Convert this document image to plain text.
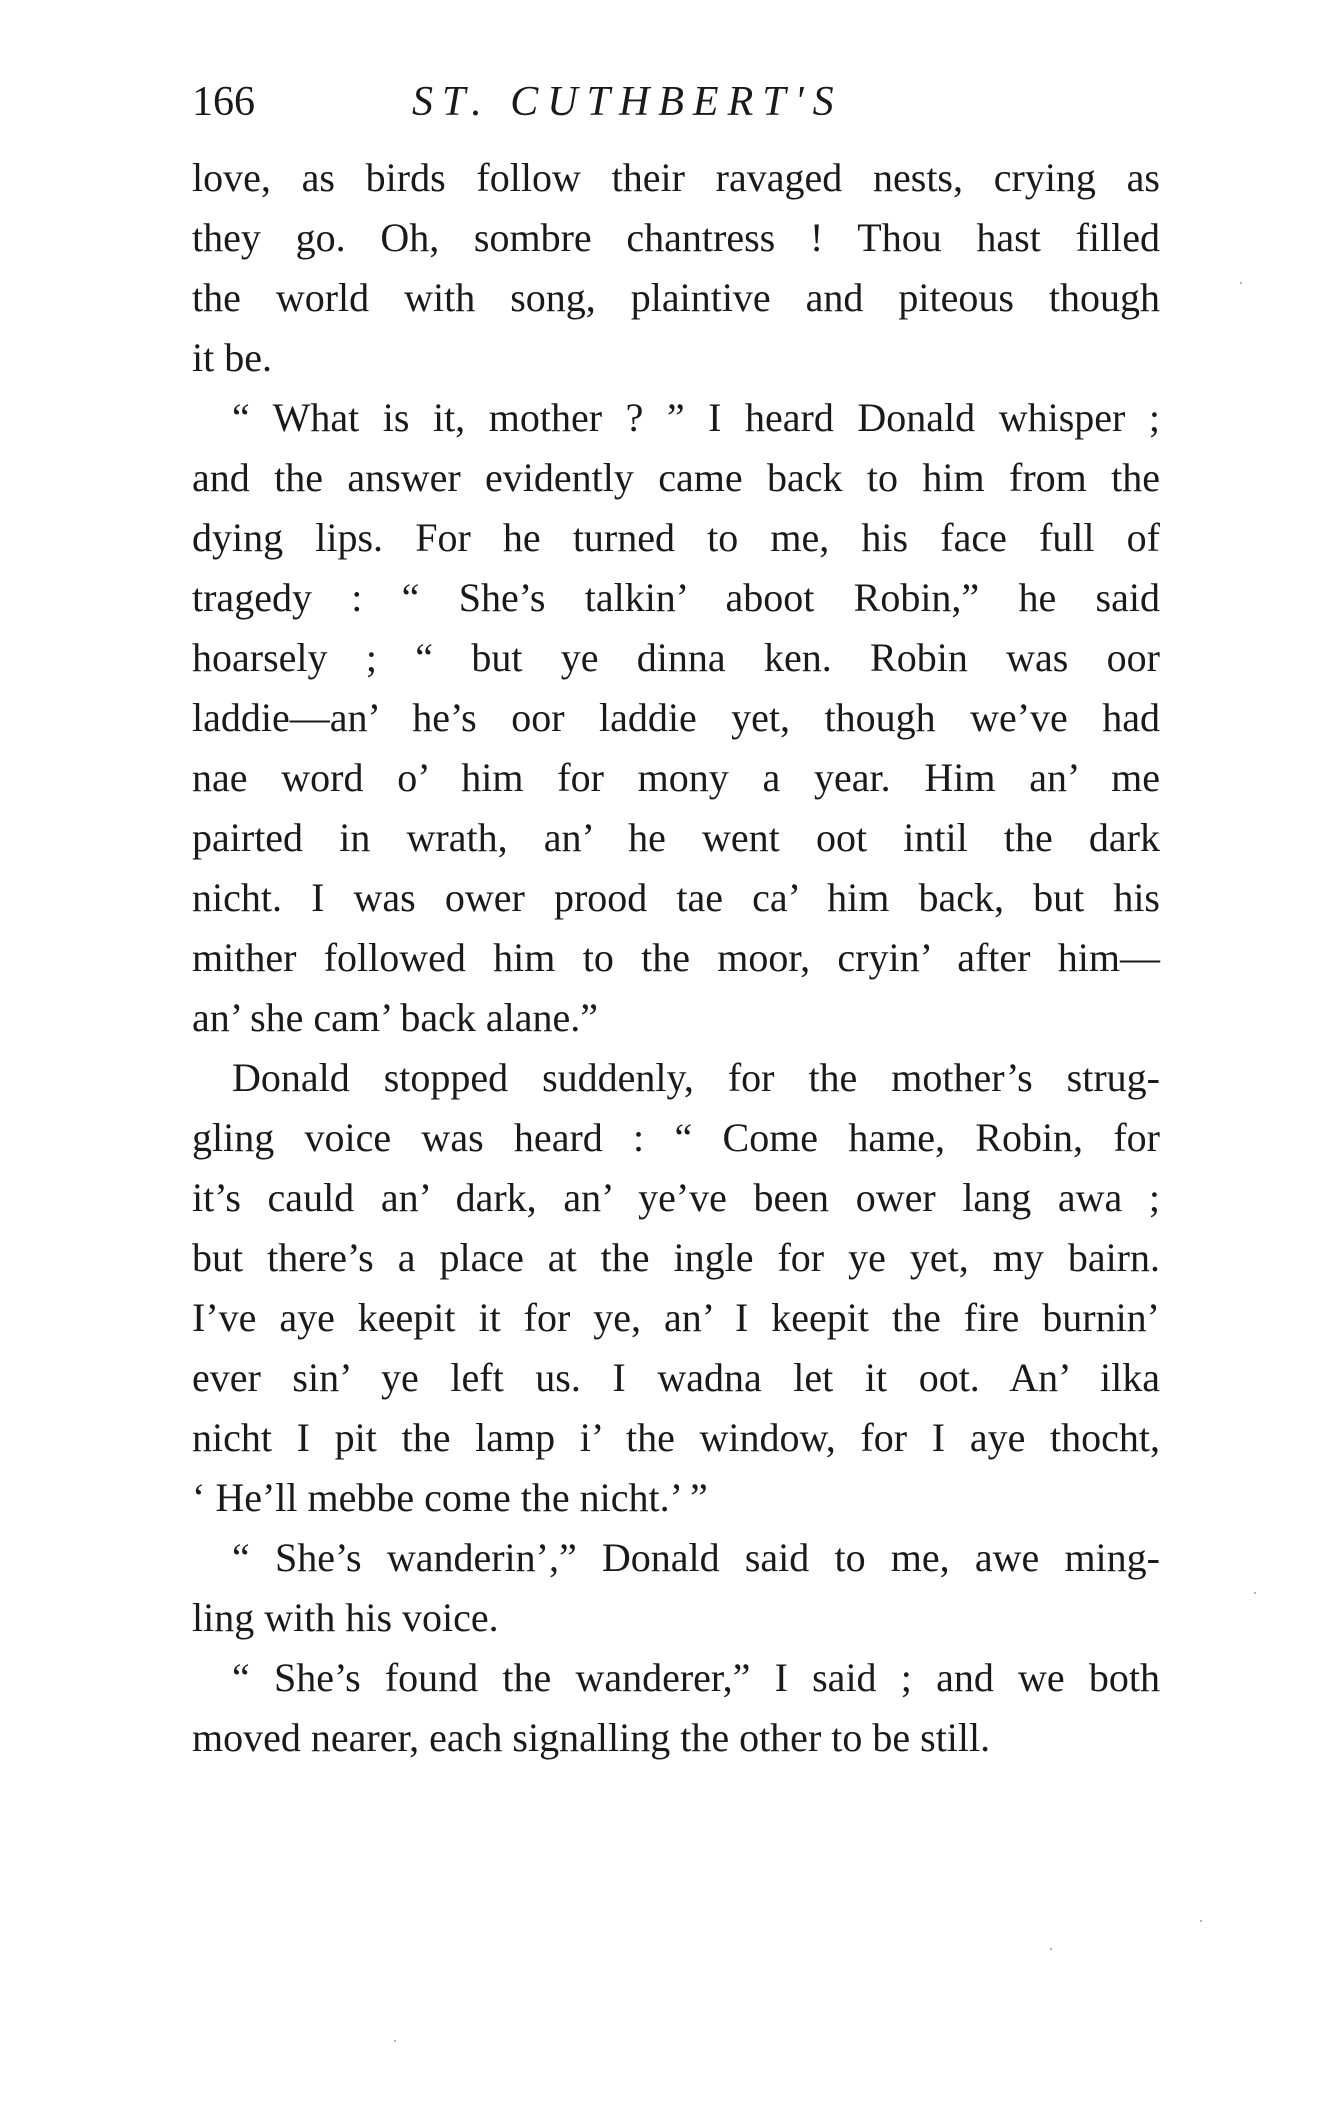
166	ST. CUTHBERT'S
love, as birds follow their ravaged nests, crying as
they go. Oh, sombre chantress ! Thou hast filled
the world with song, plaintive and piteous though
it be.
“ What is it, mother ? ” I heard Donald whisper ;
and the answer evidently came back to him from the
dying lips. For he turned to me, his face full of
tragedy : “ She’s talkin’ aboot Robin,” he said
hoarsely ; “ but ye dinna ken. Robin was oor
laddie—an’ he’s oor laddie yet, though we’ve had
nae word o’ him for mony a year. Him an’ me
pairted in wrath, an’ he went oot intil the dark
nicht. I was ower prood tae ca’ him back, but his
mither followed him to the moor, cryin’ after him—
an’ she cam’ back alane.”
Donald stopped suddenly, for the mother’s strug-
gling voice was heard : “ Come hame, Robin, for
it’s cauld an’ dark, an’ ye’ve been ower lang awa ;
but there’s a place at the ingle for ye yet, my bairn.
I’ve aye keepit it for ye, an’ I keepit the fire burnin’
ever sin’ ye left us. I wadna let it oot. An’ ilka
nicht I pit the lamp i’ the window, for I aye thocht,
‘ He’ll mebbe come the nicht.’ ”
“ She’s wanderin’,” Donald said to me, awe ming-
ling with his voice.
“ She’s found the wanderer,” I said ; and we both
moved nearer, each signalling the other to be still.
